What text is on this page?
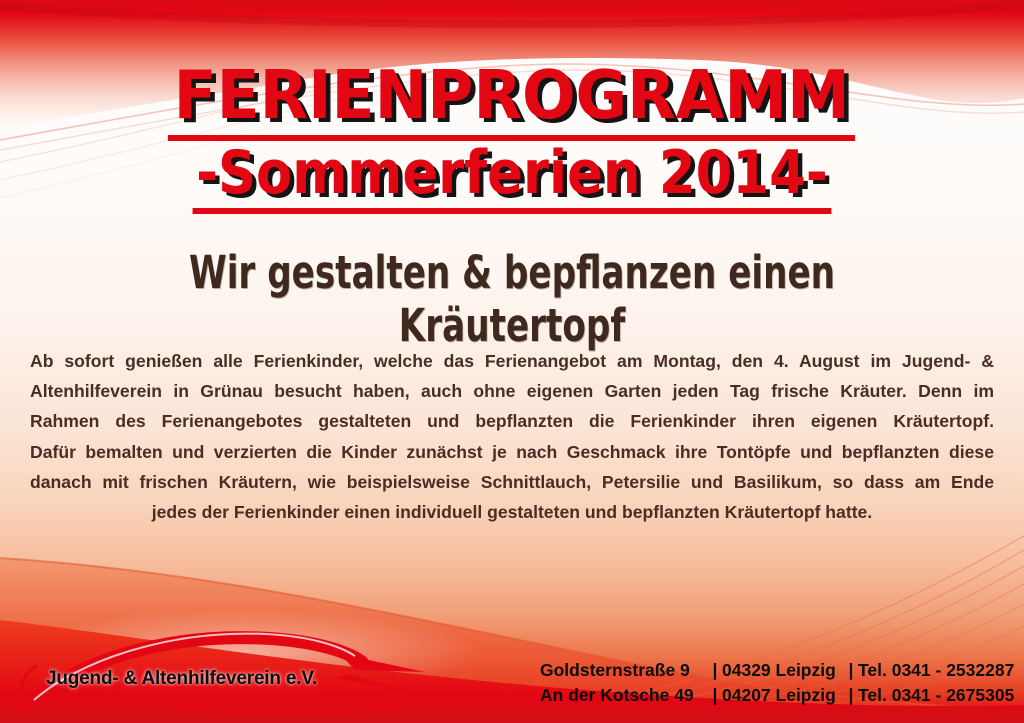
FERIENPROGRAMM
-Sommerferien 2014-
Wir gestalten & bepflanzen einen Kräutertopf
Ab sofort genießen alle Ferienkinder, welche das Ferienangebot am Montag, den 4. August im Jugend- &
Altenhilfeverein in Grünau besucht haben, auch ohne eigenen Garten jeden Tag frische Kräuter. Denn im
Rahmen des Ferienangebotes gestalteten und bepflanzten die Ferienkinder ihren eigenen Kräutertopf.
Dafür bemalten und verzierten die Kinder zunächst je nach Geschmack ihre Tontöpfe und bepflanzten diese
danach mit frischen Kräutern, wie beispielsweise Schnittlauch, Petersilie und Basilikum, so dass am Ende
jedes der Ferienkinder einen individuell gestalteten und bepflanzten Kräutertopf hatte.
Jugend- & Altenhilfeverein e.V.	Goldsternstraße 9	| 04329 Leipzig | Tel. 0341 - 2532287
An der Kotsche 49	| 04207 Leipzig | Tel. 0341 - 2675305
